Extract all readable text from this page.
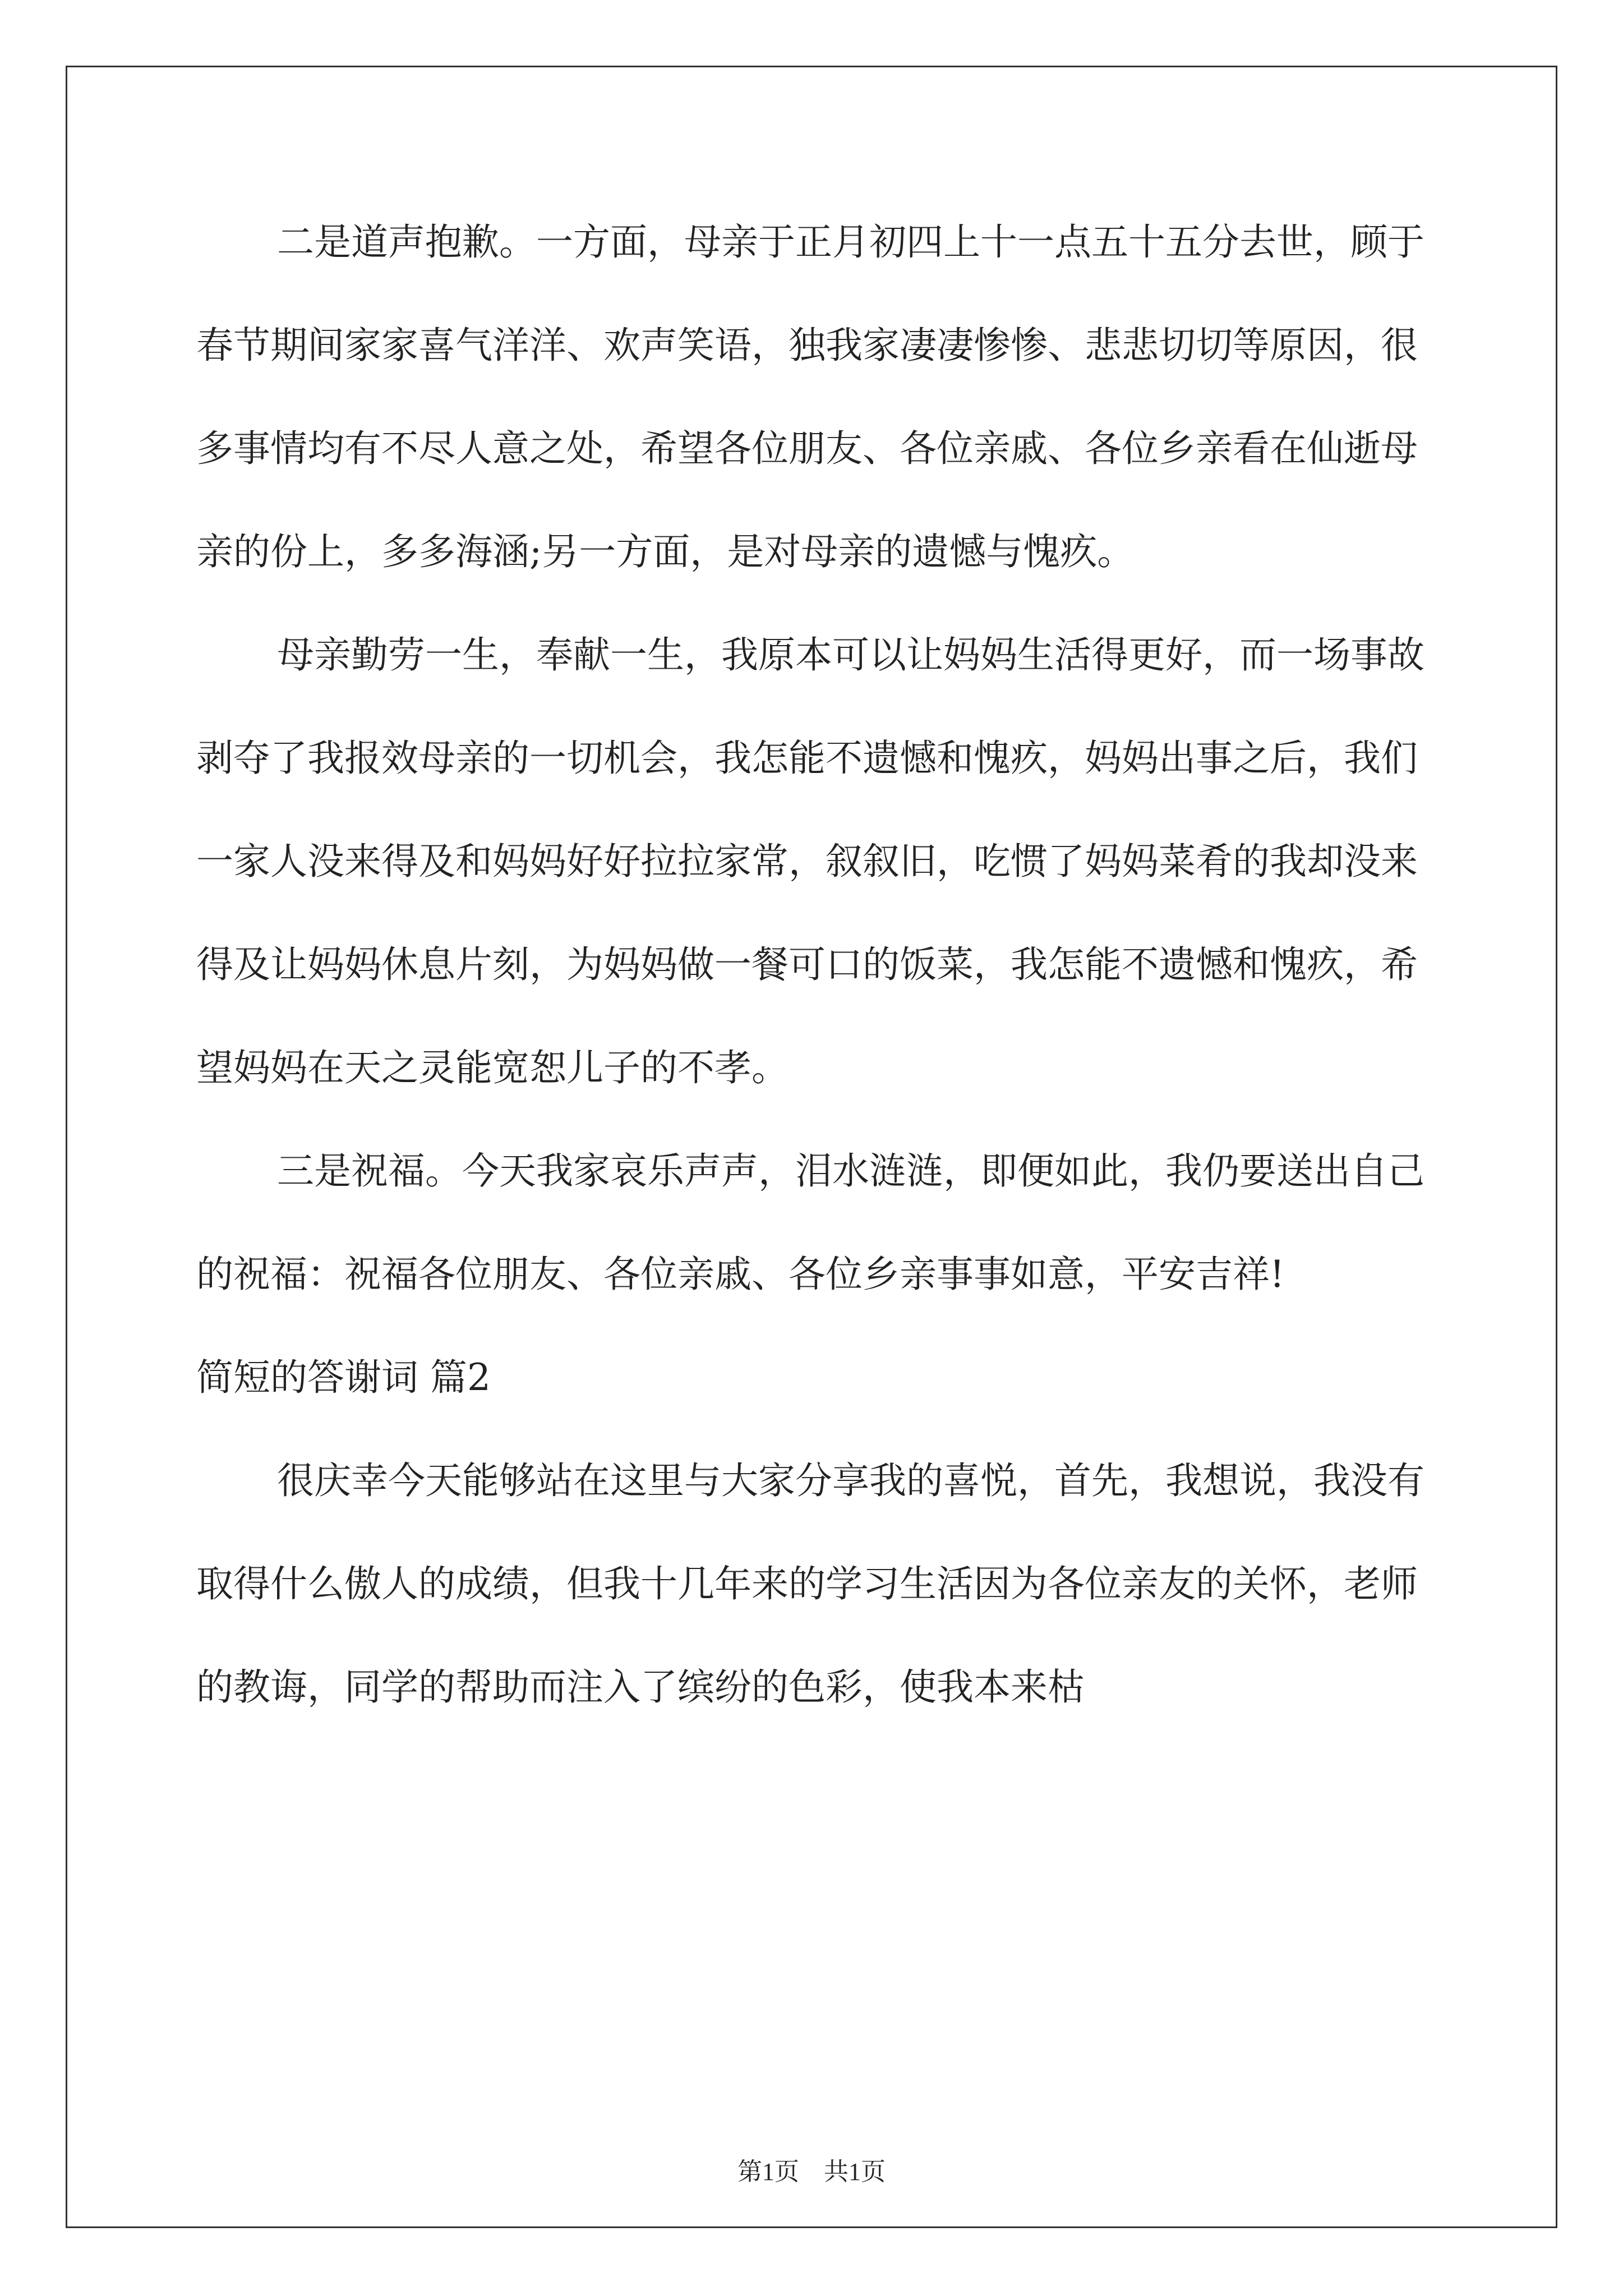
二是道声抱歉。一方面，母亲于正月初四上十一点五十五分去世，顾于春节期间家家喜气洋洋、欢声笑语，独我家凄凄惨惨、悲悲切切等原因，很多事情均有不尽人意之处，希望各位朋友、各位亲戚、各位乡亲看在仙逝母亲的份上，多多海涵;另一方面，是对母亲的遗憾与愧疚。

母亲勤劳一生，奉献一生，我原本可以让妈妈生活得更好，而一场事故剥夺了我报效母亲的一切机会，我怎能不遗憾和愧疚，妈妈出事之后，我们一家人没来得及和妈妈好好拉拉家常，叙叙旧，吃惯了妈妈菜肴的我却没来得及让妈妈休息片刻，为妈妈做一餐可口的饭菜，我怎能不遗憾和愧疚，希望妈妈在天之灵能宽恕儿子的不孝。

三是祝福。今天我家哀乐声声，泪水涟涟，即便如此，我仍要送出自己的祝福：祝福各位朋友、各位亲戚、各位乡亲事事如意，平安吉祥!

简短的答谢词 篇2

很庆幸今天能够站在这里与大家分享我的喜悦，首先，我想说，我没有取得什么傲人的成绩，但我十几年来的学习生活因为各位亲友的关怀，老师的教诲，同学的帮助而注入了缤纷的色彩，使我本来枯

第1页　共1页
